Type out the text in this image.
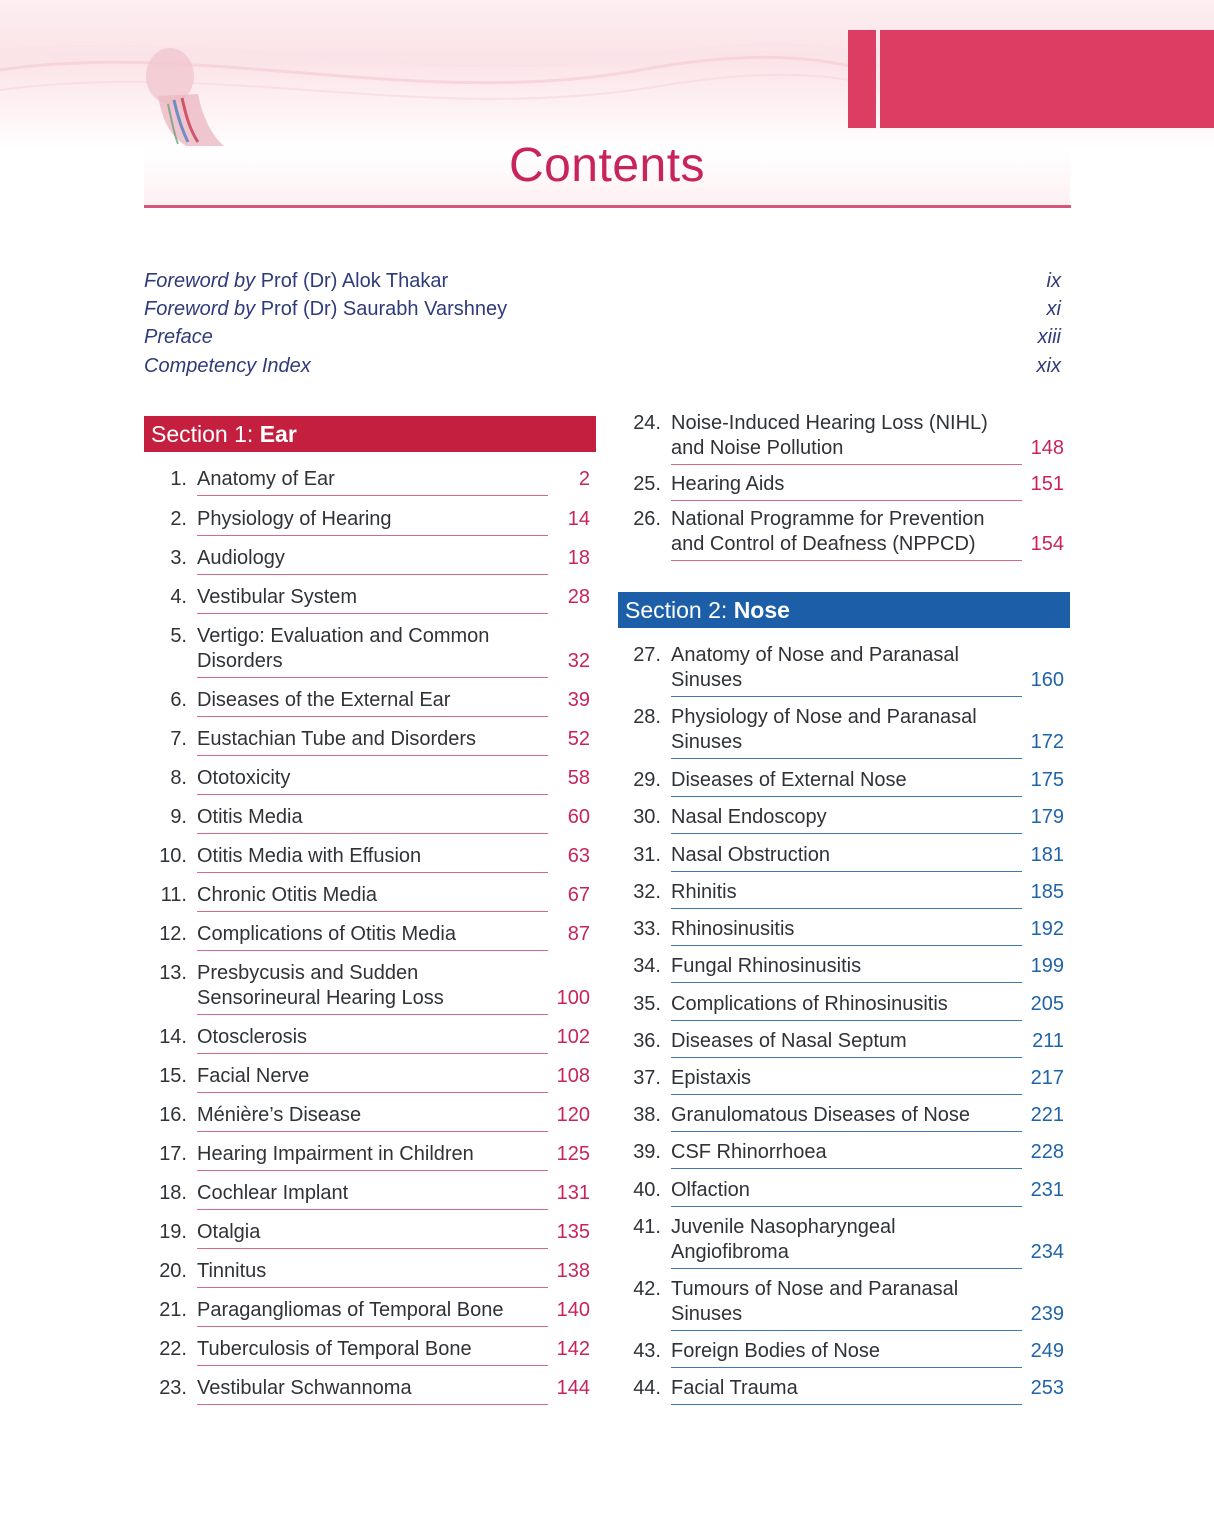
Contents
Foreword by Prof (Dr) Alok Thakar	ix
Foreword by Prof (Dr) Saurabh Varshney	xi
Preface	xiii
Competency Index	xix
Section 1: Ear
Section 2: Nose
1. Anatomy of Ear	2
2. Physiology of Hearing	14
3. Audiology	18
4. Vestibular System	28
5. Vertigo: Evaluation and Common
Disorders	32
6. Diseases of the External Ear	39
7. Eustachian Tube and Disorders	52
8. Ototoxicity	58
9. Otitis Media	60
10. Otitis Media with Effusion	63
11. Chronic Otitis Media	67
12. Complications of Otitis Media	87
13. Presbycusis and Sudden
Sensorineural Hearing Loss	100
14. Otosclerosis	102
15. Facial Nerve	108
16. Ménière’s Disease	120
17. Hearing Impairment in Children	125
18. Cochlear Implant	131
19. Otalgia	135
20. Tinnitus	138
21. Paragangliomas of Temporal Bone	140
22. Tuberculosis of Temporal Bone	142
23. Vestibular Schwannoma	144
24. Noise-Induced Hearing Loss (NIHL)
and Noise Pollution	148
25. Hearing Aids	151
26. National Programme for Prevention
and Control of Deafness (NPPCD)	154
27. Anatomy of Nose and Paranasal
Sinuses	160
28. Physiology of Nose and Paranasal
Sinuses	172
29. Diseases of External Nose	175
30. Nasal Endoscopy	179
31. Nasal Obstruction	181
32. Rhinitis	185
33. Rhinosinusitis	192
34. Fungal Rhinosinusitis	199
35. Complications of Rhinosinusitis	205
36. Diseases of Nasal Septum	211
37. Epistaxis	217
38. Granulomatous Diseases of Nose	221
39. CSF Rhinorrhoea	228
40. Olfaction	231
41. Juvenile Nasopharyngeal
Angiofibroma	234
42. Tumours of Nose and Paranasal
Sinuses	239
43. Foreign Bodies of Nose	249
44. Facial Trauma	253
